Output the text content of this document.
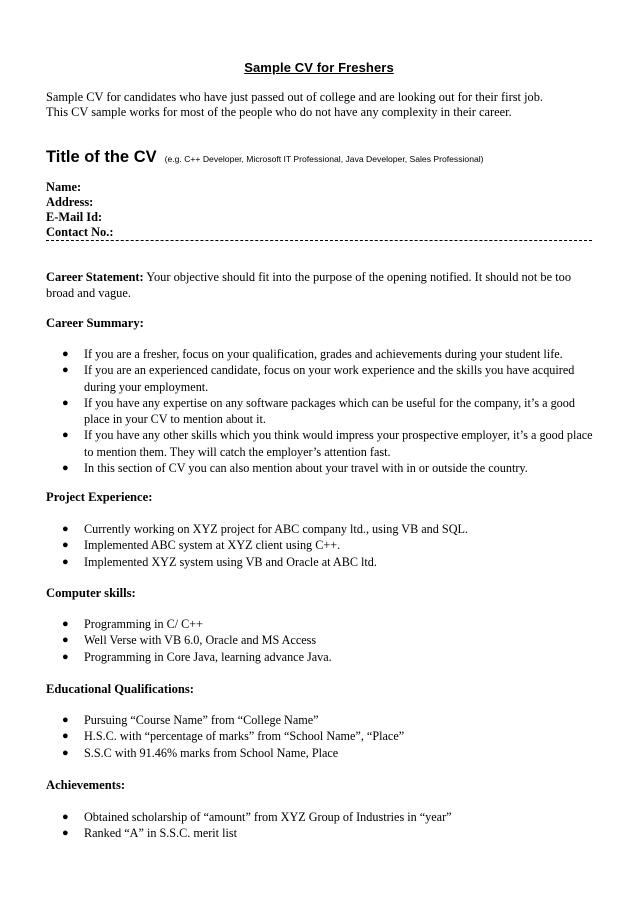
Sample CV for Freshers
Sample CV for candidates who have just passed out of college and are looking out for their first job.
This CV sample works for most of the people who do not have any complexity in their career.
Title of the CV (e.g. C++ Developer, Microsoft IT Professional, Java Developer, Sales Professional)
Name:
Address:
E-Mail Id:
Contact No.:
Career Statement: Your objective should fit into the purpose of the opening notified. It should not be too broad and vague.
Career Summary:
●	If you are a fresher, focus on your qualification, grades and achievements during your student life.
●	If you are an experienced candidate, focus on your work experience and the skills you have acquired during your employment.
●	If you have any expertise on any software packages which can be useful for the company, it’s a good place in your CV to mention about it.
●	If you have any other skills which you think would impress your prospective employer, it’s a good place to mention them. They will catch the employer’s attention fast.
●	In this section of CV you can also mention about your travel with in or outside the country.
Project Experience:
●	Currently working on XYZ project for ABC company ltd., using VB and SQL.
●	Implemented ABC system at XYZ client using C++.
●	Implemented XYZ system using VB and Oracle at ABC ltd.
Computer skills:
●	Programming in C/ C++
●	Well Verse with VB 6.0, Oracle and MS Access
●	Programming in Core Java, learning advance Java.
Educational Qualifications:
●	Pursuing “Course Name” from “College Name”
●	H.S.C. with “percentage of marks” from “School Name”, “Place”
●	S.S.C with 91.46% marks from School Name, Place
Achievements:
●	Obtained scholarship of “amount” from XYZ Group of Industries in “year”
●	Ranked “A” in S.S.C. merit list
